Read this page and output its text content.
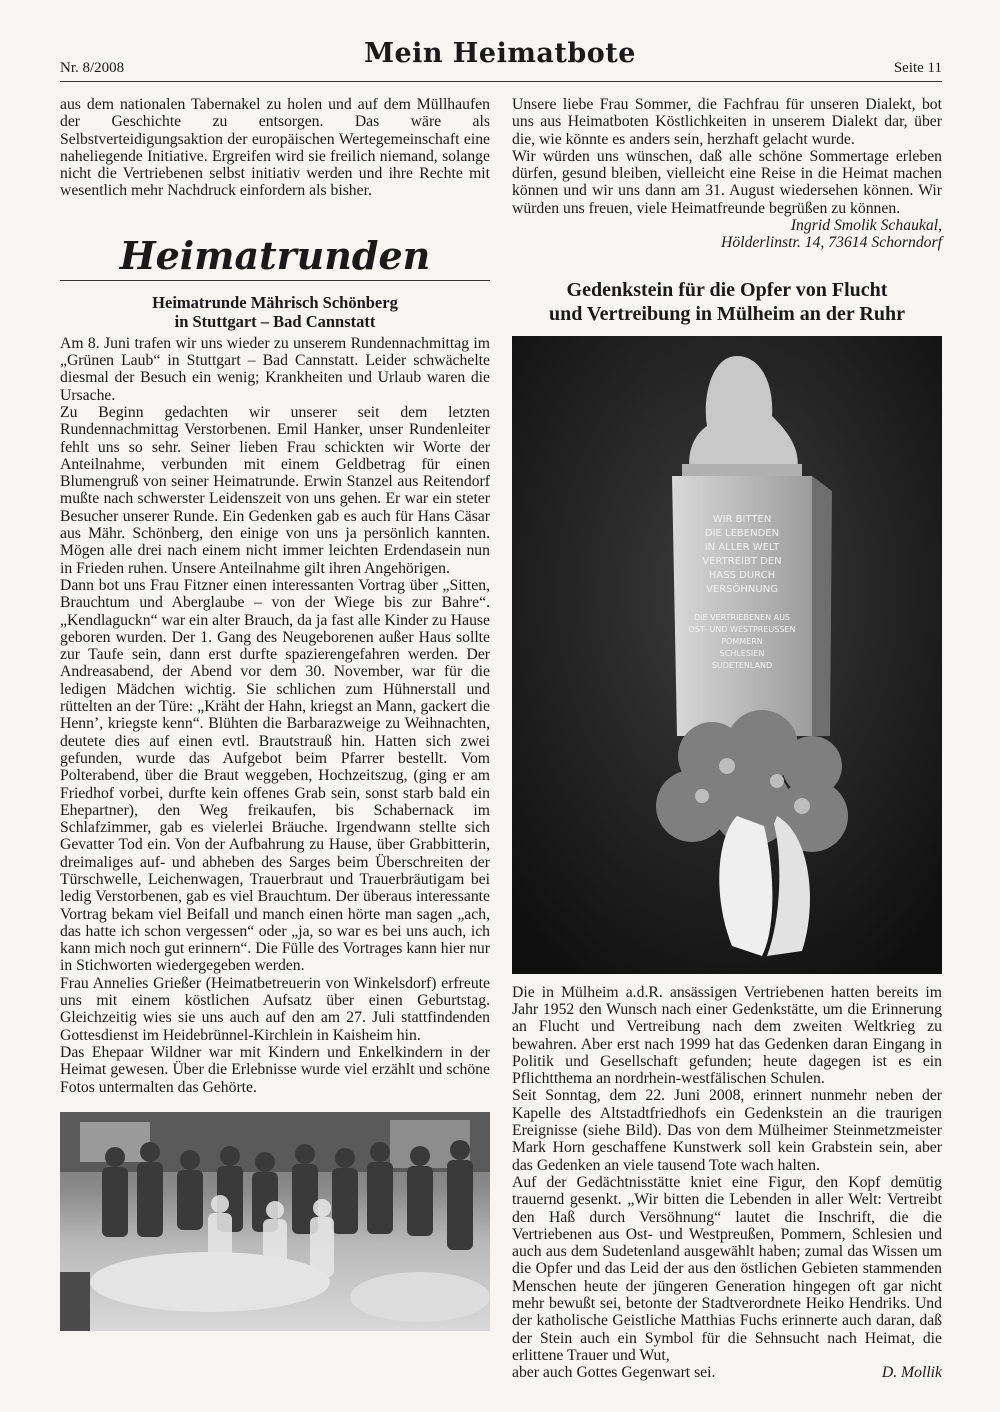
Nr. 8/2008	Mein Heimatbote	Seite 11

aus dem nationalen Tabernakel zu holen und auf dem Müllhaufen der Geschichte zu entsorgen. Das wäre als Selbstverteidigungsaktion der europäischen Wertegemeinschaft eine naheliegende Initiative. Ergreifen wird sie freilich niemand, solange nicht die Vertriebenen selbst initiativ werden und ihre Rechte mit wesentlich mehr Nachdruck einfordern als bisher.

Heimatrunden
Heimatrunde Mährisch Schönberg
in Stuttgart – Bad Cannstatt

Am 8. Juni trafen wir uns wieder zu unserem Rundennachmittag im „Grünen Laub“ in Stuttgart – Bad Cannstatt. Leider schwächelte diesmal der Besuch ein wenig; Krankheiten und Urlaub waren die Ursache.

Zu Beginn gedachten wir unserer seit dem letzten Rundennachmittag Verstorbenen. Emil Hanker, unser Rundenleiter fehlt uns so sehr. Seiner lieben Frau schickten wir Worte der Anteilnahme, verbunden mit einem Geldbetrag für einen Blumengruß von seiner Heimatrunde. Erwin Stanzel aus Reitendorf mußte nach schwerster Leidenszeit von uns gehen. Er war ein steter Besucher unserer Runde. Ein Gedenken gab es auch für Hans Cäsar aus Mähr. Schönberg, den einige von uns ja persönlich kannten. Mögen alle drei nach einem nicht immer leichten Erdendasein nun in Frieden ruhen. Unsere Anteilnahme gilt ihren Angehörigen.

Dann bot uns Frau Fitzner einen interessanten Vortrag über „Sitten, Brauchtum und Aberglaube – von der Wiege bis zur Bahre“. „Kendlaguckn“ war ein alter Brauch, da ja fast alle Kinder zu Hause geboren wurden. Der 1. Gang des Neugeborenen außer Haus sollte zur Taufe sein, dann erst durfte spazierengefahren werden. Der Andreasabend, der Abend vor dem 30. November, war für die ledigen Mädchen wichtig. Sie schlichen zum Hühnerstall und rüttelten an der Türe: „Kräht der Hahn, kriegst an Mann, gackert die Henn’, kriegste kenn“. Blühten die Barbarazweige zu Weihnachten, deutete dies auf einen evtl. Brautstrauß hin. Hatten sich zwei gefunden, wurde das Aufgebot beim Pfarrer bestellt. Vom Polterabend, über die Braut weggeben, Hochzeitszug, (ging er am Friedhof vorbei, durfte kein offenes Grab sein, sonst starb bald ein Ehepartner), den Weg freikaufen, bis Schabernack im Schlafzimmer, gab es vielerlei Bräuche. Irgendwann stellte sich Gevatter Tod ein. Von der Aufbahrung zu Hause, über Grabbitterin, dreimaliges auf- und abheben des Sarges beim Überschreiten der Türschwelle, Leichenwagen, Trauerbraut und Trauerbräutigam bei ledig Verstorbenen, gab es viel Brauchtum. Der überaus interessante Vortrag bekam viel Beifall und manch einen hörte man sagen „ach, das hatte ich schon vergessen“ oder „ja, so war es bei uns auch, ich kann mich noch gut erinnern“. Die Fülle des Vortrages kann hier nur in Stichworten wiedergegeben werden.

Frau Annelies Grießer (Heimatbetreuerin von Winkelsdorf) erfreute uns mit einem köstlichen Aufsatz über einen Geburtstag. Gleichzeitig wies sie uns auch auf den am 27. Juli stattfindenden Gottesdienst im Heidebrünnel-Kirchlein in Kaisheim hin.

Das Ehepaar Wildner war mit Kindern und Enkelkindern in der Heimat gewesen. Über die Erlebnisse wurde viel erzählt und schöne Fotos untermalten das Gehörte.

Unsere liebe Frau Sommer, die Fachfrau für unseren Dialekt, bot uns aus Heimatboten Köstlichkeiten in unserem Dialekt dar, über die, wie könnte es anders sein, herzhaft gelacht wurde.

Wir würden uns wünschen, daß alle schöne Sommertage erleben dürfen, gesund bleiben, vielleicht eine Reise in die Heimat machen können und wir uns dann am 31. August wiedersehen können. Wir würden uns freuen, viele Heimatfreunde begrüßen zu können.

Ingrid Smolik Schaukal,
Hölderlinstr. 14, 73614 Schorndorf
Gedenkstein für die Opfer von Flucht
und Vertreibung in Mülheim an der Ruhr
WIR BITTEN
DIE LEBENDEN
IN ALLER WELT
VERTREIBT DEN
HASS DURCH
VERSÖHNUNG
DIE VERTRIEBENEN AUS
OST- UND WESTPREUSSEN
POMMERN
SCHLESIEN
SUDETENLAND

Die in Mülheim a.d.R. ansässigen Vertriebenen hatten bereits im Jahr 1952 den Wunsch nach einer Gedenkstätte, um die Erinnerung an Flucht und Vertreibung nach dem zweiten Weltkrieg zu bewahren. Aber erst nach 1999 hat das Gedenken daran Eingang in Politik und Gesellschaft gefunden; heute dagegen ist es ein Pflichtthema an nordrhein-westfälischen Schulen.

Seit Sonntag, dem 22. Juni 2008, erinnert nunmehr neben der Kapelle des Altstadtfriedhofs ein Gedenkstein an die traurigen Ereignisse (siehe Bild). Das von dem Mülheimer Steinmetzmeister Mark Horn geschaffene Kunstwerk soll kein Grabstein sein, aber das Gedenken an viele tausend Tote wach halten.

Auf der Gedächtnisstätte kniet eine Figur, den Kopf demütig trauernd gesenkt. „Wir bitten die Lebenden in aller Welt: Vertreibt den Haß durch Versöhnung“ lautet die Inschrift, die die Vertriebenen aus Ost- und Westpreußen, Pommern, Schlesien und auch aus dem Sudetenland ausgewählt haben; zumal das Wissen um die Opfer und das Leid der aus den östlichen Gebieten stammenden Menschen heute der jüngeren Generation hingegen oft gar nicht mehr bewußt sei, betonte der Stadtverordnete Heiko Hendriks. Und der katholische Geistliche Matthias Fuchs erinnerte auch daran, daß der Stein auch ein Symbol für die Sehnsucht nach Heimat, die erlittene Trauer und Wut,

aber auch Gottes Gegenwart sei.	D. Mollik
